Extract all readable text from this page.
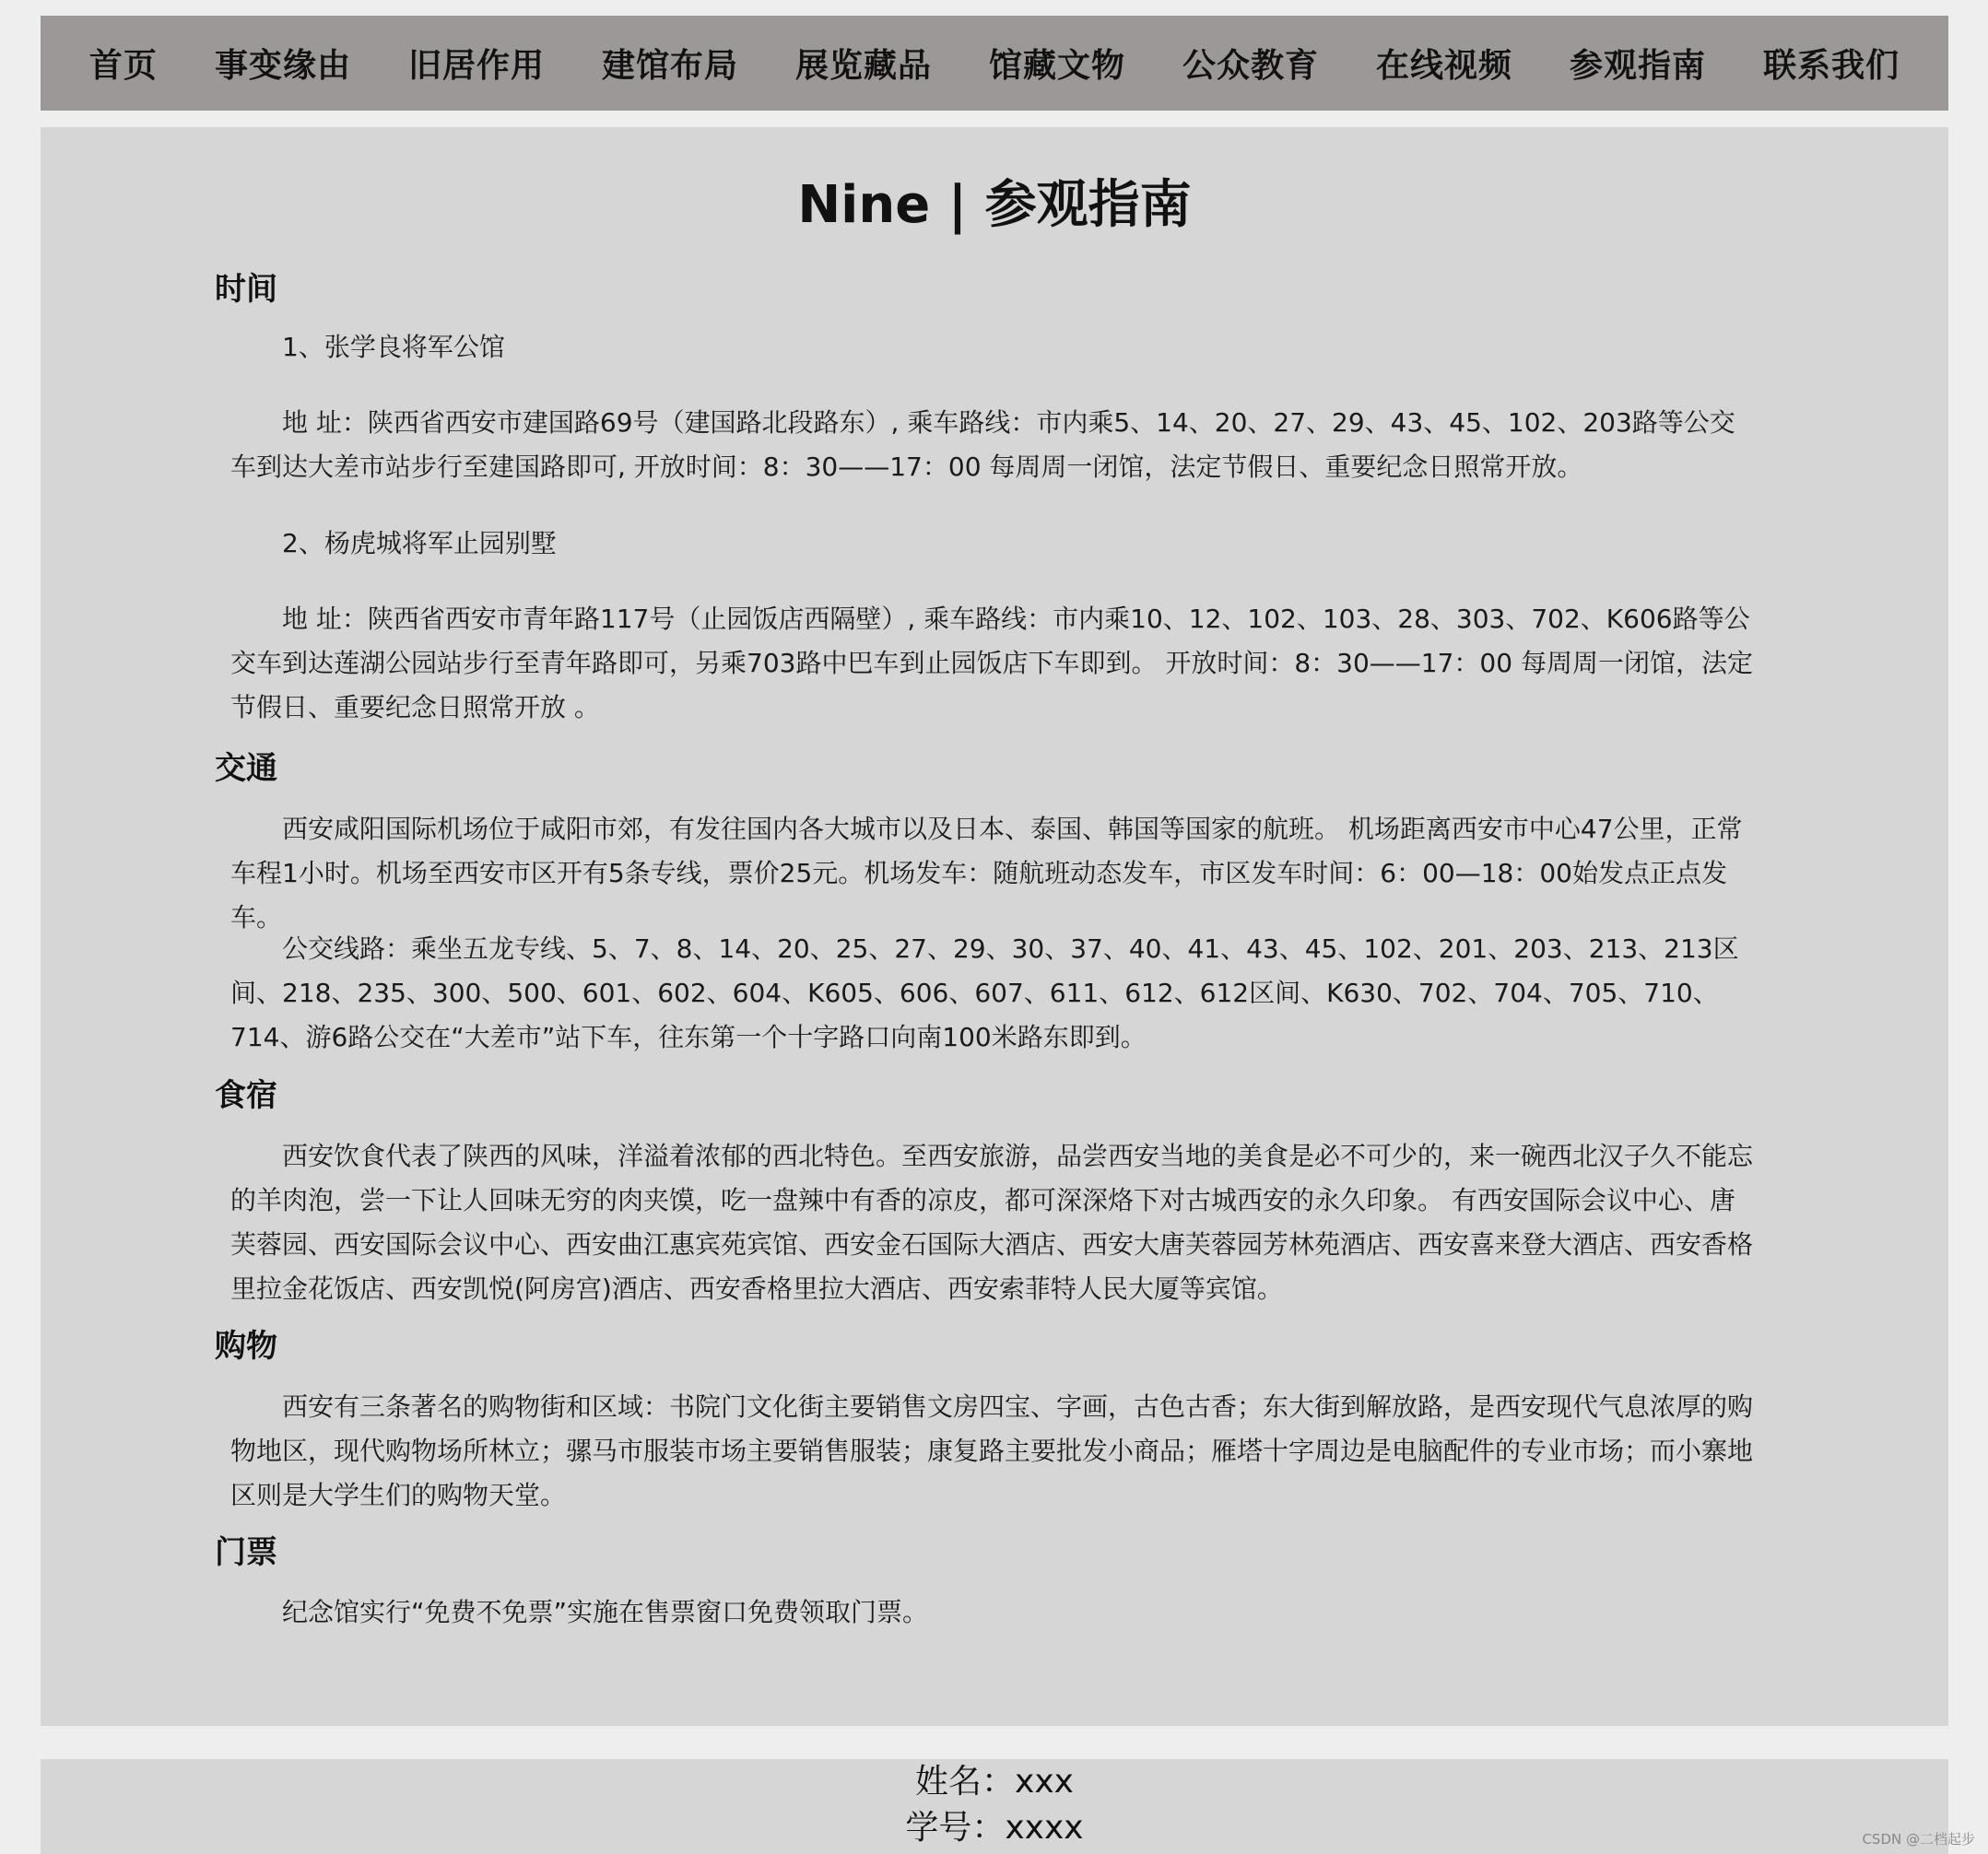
首页 事变缘由 旧居作用 建馆布局 展览藏品 馆藏文物 公众教育 在线视频 参观指南 联系我们
Nine | 参观指南
时间

1、张学良将军公馆

地 址：陕西省西安市建国路69号（建国路北段路东）, 乘车路线：市内乘5、14、20、27、29、43、45、102、203路等公交车到达大差市站步行至建国路即可, 开放时间：8：30——17：00 每周周一闭馆，法定节假日、重要纪念日照常开放。

2、杨虎城将军止园别墅

地 址：陕西省西安市青年路117号（止园饭店西隔壁）, 乘车路线：市内乘10、12、102、103、28、303、702、K606路等公交车到达莲湖公园站步行至青年路即可，另乘703路中巴车到止园饭店下车即到。 开放时间：8：30——17：00 每周周一闭馆，法定节假日、重要纪念日照常开放 。

交通

西安咸阳国际机场位于咸阳市郊，有发往国内各大城市以及日本、泰国、韩国等国家的航班。 机场距离西安市中心47公里，正常车程1小时。机场至西安市区开有5条专线，票价25元。机场发车：随航班动态发车，市区发车时间：6：00—18：00始发点正点发车。

公交线路：乘坐五龙专线、5、7、8、14、20、25、27、29、30、37、40、41、43、45、102、201、203、213、213区间、218、235、300、500、601、602、604、K605、606、607、611、612、612区间、K630、702、704、705、710、714、游6路公交在“大差市”站下车，往东第一个十字路口向南100米路东即到。

食宿

西安饮食代表了陕西的风味，洋溢着浓郁的西北特色。至西安旅游，品尝西安当地的美食是必不可少的，来一碗西北汉子久不能忘的羊肉泡，尝一下让人回味无穷的肉夹馍，吃一盘辣中有香的凉皮，都可深深烙下对古城西安的永久印象。 有西安国际会议中心、唐芙蓉园、西安国际会议中心、西安曲江惠宾苑宾馆、西安金石国际大酒店、西安大唐芙蓉园芳林苑酒店、西安喜来登大酒店、西安香格里拉金花饭店、西安凯悦(阿房宫)酒店、西安香格里拉大酒店、西安索菲特人民大厦等宾馆。

购物

西安有三条著名的购物街和区域：书院门文化街主要销售文房四宝、字画，古色古香；东大街到解放路，是西安现代气息浓厚的购物地区，现代购物场所林立；骡马市服装市场主要销售服装；康复路主要批发小商品；雁塔十字周边是电脑配件的专业市场；而小寨地区则是大学生们的购物天堂。

门票

纪念馆实行“免费不免票”实施在售票窗口免费领取门票。

姓名：xxx
学号：xxxx	CSDN @二档起步
